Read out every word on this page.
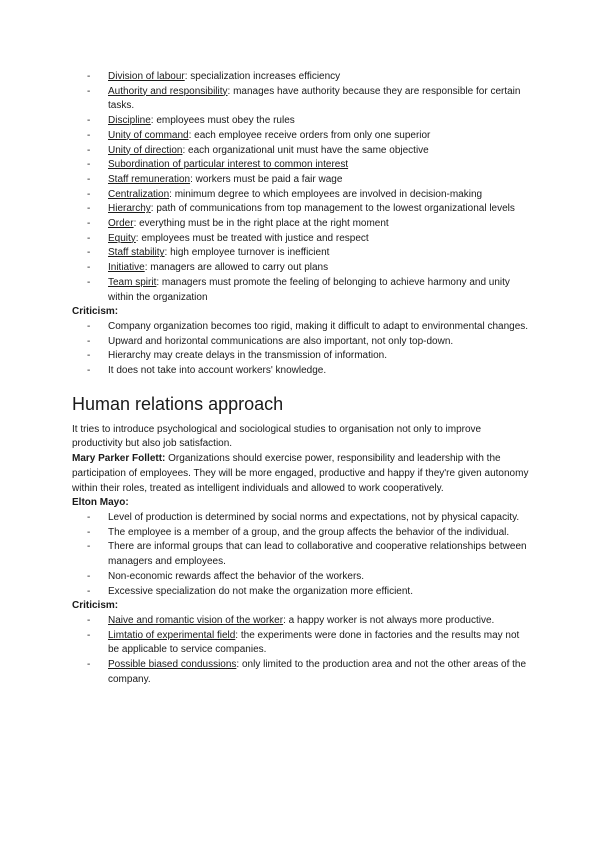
- Division of labour: specialization increases efficiency
- Authority and responsibility: manages have authority because they are responsible for certain tasks.
- Discipline: employees must obey the rules
- Unity of command: each employee receive orders from only one superior
- Unity of direction: each organizational unit must have the same objective
- Subordination of particular interest to common interest
- Staff remuneration: workers must be paid a fair wage
- Centralization: minimum degree to which employees are involved in decision-making
- Hierarchy: path of communications from top management to the lowest organizational levels
- Order: everything must be in the right place at the right moment
- Equity: employees must be treated with justice and respect
- Staff stability: high employee turnover is inefficient
- Initiative: managers are allowed to carry out plans
- Team spirit: managers must promote the feeling of belonging to achieve harmony and unity within the organization

Criticism:

- Company organization becomes too rigid, making it difficult to adapt to environmental changes.
- Upward and horizontal communications are also important, not only top-down.
- Hierarchy may create delays in the transmission of information.
- It does not take into account workers' knowledge.
Human relations approach

It tries to introduce psychological and sociological studies to organisation not only to improve productivity but also job satisfaction.

Mary Parker Follett: Organizations should exercise power, responsibility and leadership with the participation of employees. They will be more engaged, productive and happy if they're given autonomy within their roles, treated as intelligent individuals and allowed to work cooperatively.

Elton Mayo:

- Level of production is determined by social norms and expectations, not by physical capacity.
- The employee is a member of a group, and the group affects the behavior of the individual.
- There are informal groups that can lead to collaborative and cooperative relationships between managers and employees.
- Non-economic rewards affect the behavior of the workers.
- Excessive specialization do not make the organization more efficient.

Criticism:

- Naive and romantic vision of the worker: a happy worker is not always more productive.
- Limtatio of experimental field: the experiments were done in factories and the results may not be applicable to service companies.
- Possible biased condussions: only limited to the production area and not the other areas of the company.
